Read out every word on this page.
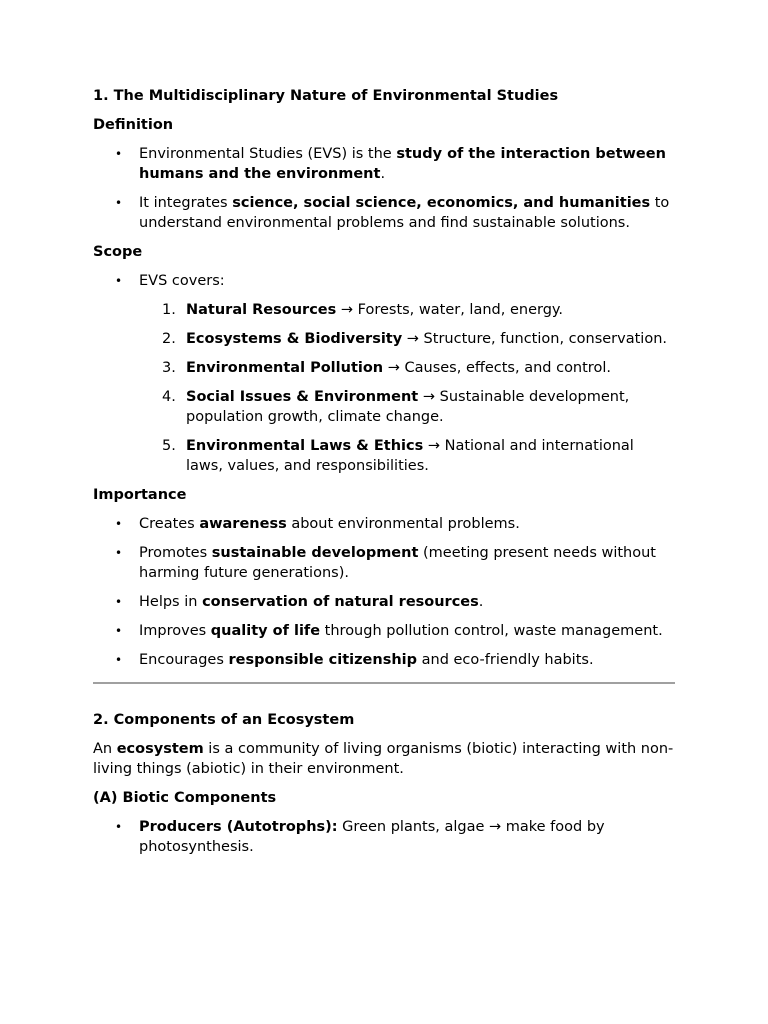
1. The Multidisciplinary Nature of Environmental Studies
Definition
• Environmental Studies (EVS) is the study of the interaction between humans and the environment.
• It integrates science, social science, economics, and humanities to understand environmental problems and find sustainable solutions.
Scope
• EVS covers:
1. Natural Resources → Forests, water, land, energy.
2. Ecosystems & Biodiversity → Structure, function, conservation.
3. Environmental Pollution → Causes, effects, and control.
4. Social Issues & Environment → Sustainable development, population growth, climate change.
5. Environmental Laws & Ethics → National and international laws, values, and responsibilities.
Importance
• Creates awareness about environmental problems.
• Promotes sustainable development (meeting present needs without harming future generations).
• Helps in conservation of natural resources.
• Improves quality of life through pollution control, waste management.
• Encourages responsible citizenship and eco-friendly habits.
2. Components of an Ecosystem

An ecosystem is a community of living organisms (biotic) interacting with non-living things (abiotic) in their environment.

(A) Biotic Components
• Producers (Autotrophs): Green plants, algae → make food by photosynthesis.
